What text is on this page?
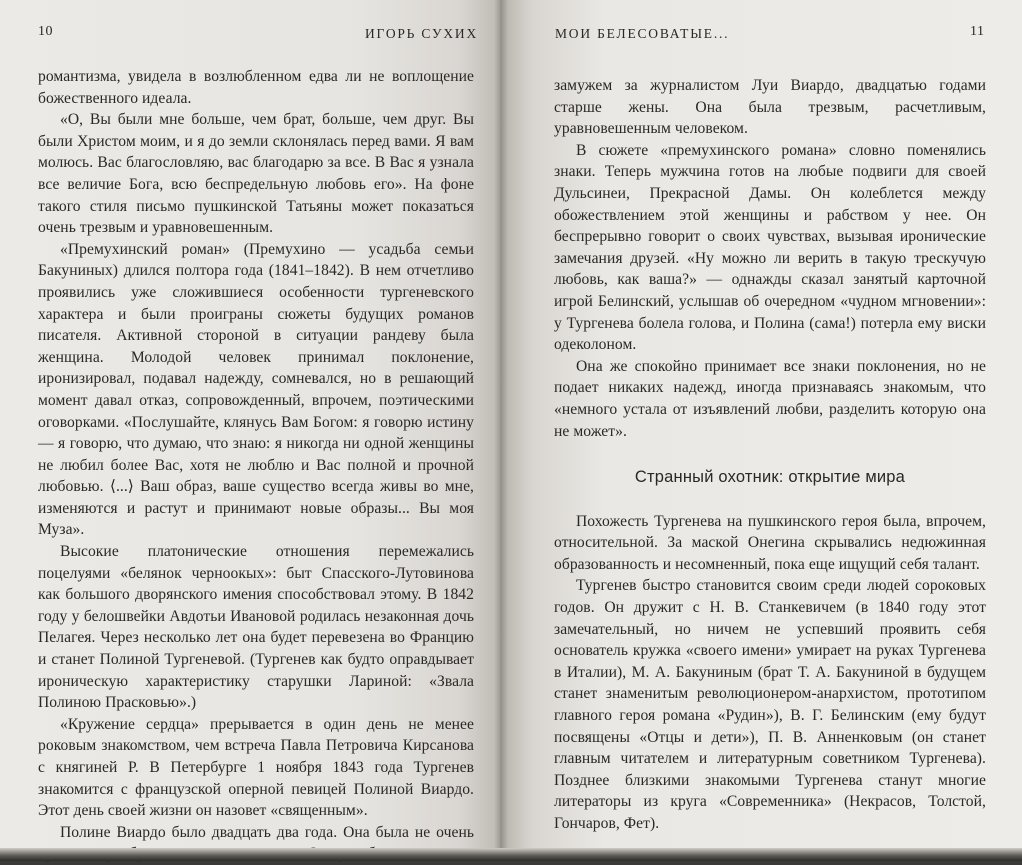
10	ИГОРЬ СУХИХ

романтизма, увидела в возлюбленном едва ли не воплощение божественного идеала.

«О, Вы были мне больше, чем брат, больше, чем друг. Вы были Христом моим, и я до земли склонялась перед вами. Я вам молюсь. Вас благословляю, вас благодарю за все. В Вас я узнала все величие Бога, всю беспредельную любовь его». На фоне такого стиля письмо пушкинской Татьяны может показаться очень трезвым и уравновешенным.

«Премухинский роман» (Премухино — усадьба семьи Бакуниных) длился полтора года (1841–1842). В нем отчетливо проявились уже сложившиеся особенности тургеневского характера и были проиграны сюжеты будущих романов писателя. Активной стороной в ситуации рандеву была женщина. Молодой человек принимал поклонение, иронизировал, подавал надежду, сомневался, но в решающий момент давал отказ, сопровожденный, впрочем, поэтическими оговорками. «Послушайте, клянусь Вам Богом: я говорю истину — я говорю, что думаю, что знаю: я никогда ни одной женщины не любил более Вас, хотя не люблю и Вас полной и прочной любовью. ⟨...⟩ Ваш образ, ваше существо всегда живы во мне, изменяются и растут и принимают новые образы... Вы моя Муза».

Высокие платонические отношения перемежались поцелуями «белянок черноокых»: быт Спасского-Лутовинова как большого дворянского имения способствовал этому. В 1842 году у белошвейки Авдотьи Ивановой родилась незаконная дочь Пелагея. Через несколько лет она будет перевезена во Францию и станет Полиной Тургеневой. (Тургенев как будто оправдывает ироническую характеристику старушки Лариной: «Звала Полиною Прасковью».)

«Кружение сердца» прерывается в один день не менее роковым знакомством, чем встреча Павла Петровича Кирсанова с княгиней Р. В Петербурге 1 ноября 1843 года Тургенев знакомится с французской оперной певицей Полиной Виардо. Этот день своей жизни он назовет «священным».

Полине Виардо было двадцать два года. Она была не очень

МОИ БЕЛЕСОВАТЫЕ...	11

замужем за журналистом Луи Виардо, двадцатью годами старше жены. Она была трезвым, расчетливым, уравновешенным человеком.

В сюжете «премухинского романа» словно поменялись знаки. Теперь мужчина готов на любые подвиги для своей Дульсинеи, Прекрасной Дамы. Он колеблется между обожествлением этой женщины и рабством у нее. Он беспрерывно говорит о своих чувствах, вызывая иронические замечания друзей. «Ну можно ли верить в такую трескучую любовь, как ваша?» — однажды сказал занятый карточной игрой Белинский, услышав об очередном «чудном мгновении»: у Тургенева болела голова, и Полина (сама!) потерла ему виски одеколоном.

Она же спокойно принимает все знаки поклонения, но не подает никаких надежд, иногда признаваясь знакомым, что «немного устала от изъявлений любви, разделить которую она не может».

Странный охотник: открытие мира

Похожесть Тургенева на пушкинского героя была, впрочем, относительной. За маской Онегина скрывались недюжинная образованность и несомненный, пока еще ищущий себя талант.

Тургенев быстро становится своим среди людей сороковых годов. Он дружит с Н. В. Станкевичем (в 1840 году этот замечательный, но ничем не успевший проявить себя основатель кружка «своего имени» умирает на руках Тургенева в Италии), М. А. Бакуниным (брат Т. А. Бакуниной в будущем станет знаменитым революционером-анархистом, прототипом главного героя романа «Рудин»), В. Г. Белинским (ему будут посвящены «Отцы и дети»), П. В. Анненковым (он станет главным читателем и литературным советником Тургенева). Позднее близкими знакомыми Тургенева станут многие литераторы из круга «Современника» (Некрасов, Толстой, Гончаров, Фет).
